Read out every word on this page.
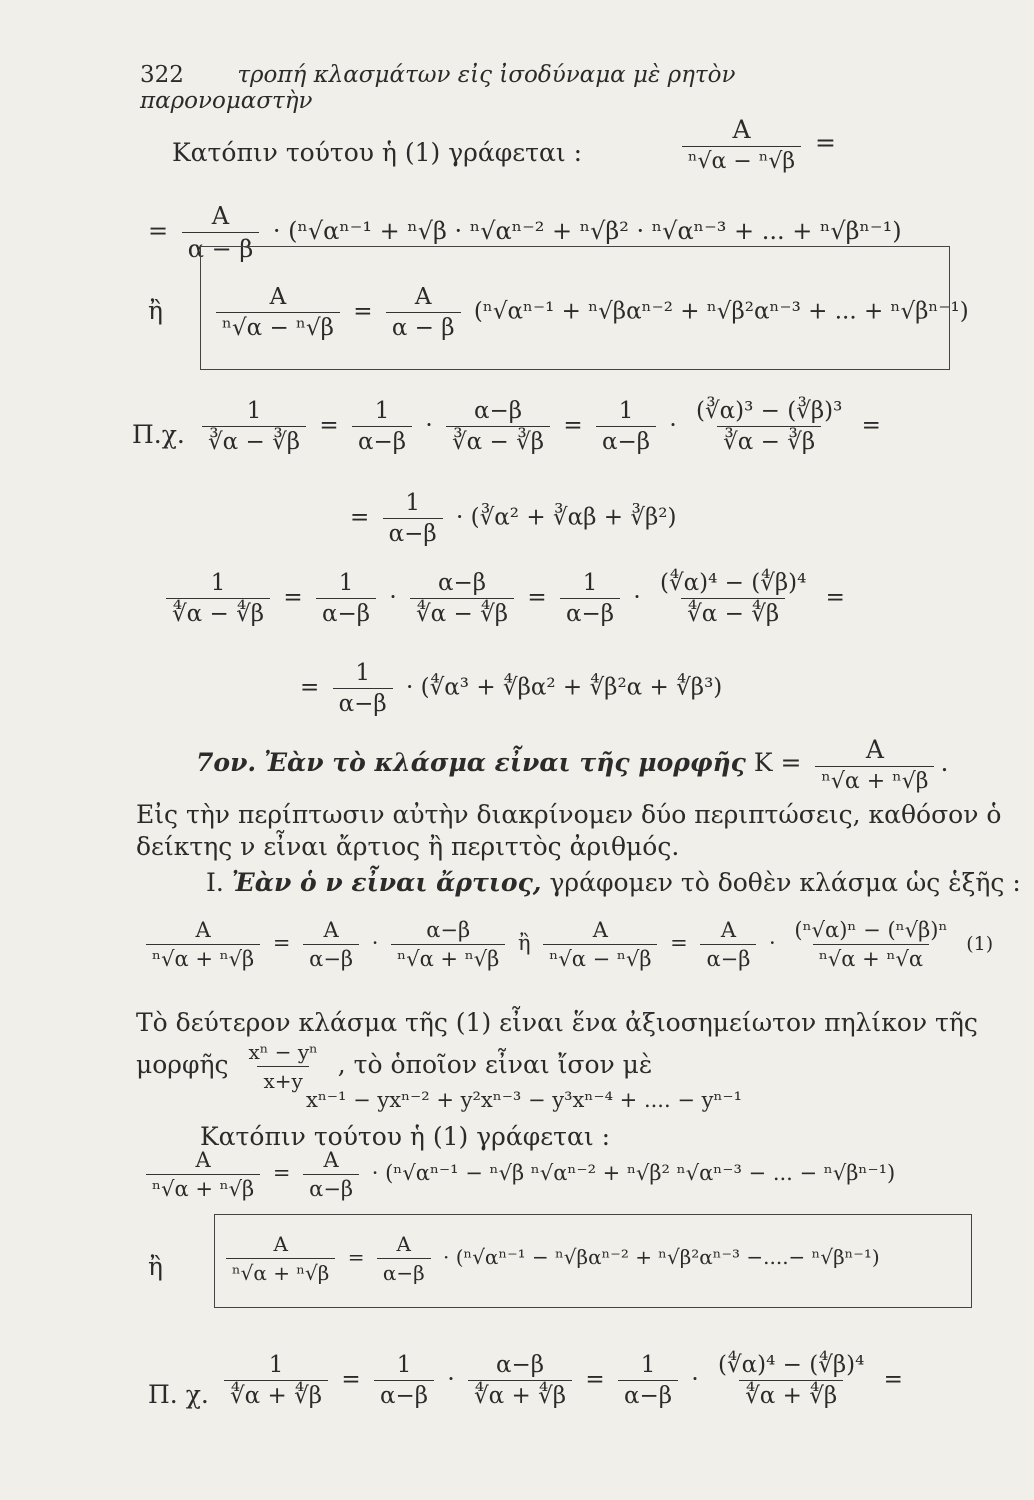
322 τροπή κλασμάτων εἰς ἰσοδύναμα μὲ ρητὸν παρονομαστὴν
Κατόπιν τούτου ἡ (1) γράφεται :	$\frac{A}{\text{ⁿ√α − ⁿ√β}}$ =
= $\frac{A}{\alpha - \beta} \cdot (^n√\alpha^{n-1} + ^n√\beta \cdot ^n√\alpha^{n-2} + ^n√\beta^2 \cdot ^n√\alpha^{n-3}$ + ... + ⁿ√βⁿ⁻¹)
ἢ $\frac{A}{\text{ⁿ√α − ⁿ√β}} = \frac{A}{\alpha - \beta} (^n√\alpha^{n-1} + ^n√\beta\alpha^{n-2} + ^n√\beta^2\alpha^{n-3}$ + ... + ⁿ√βⁿ⁻¹)
Π.χ. $\frac{1}{∛\alpha - ∛\beta} = \frac{1}{\alpha-\beta} \cdot \frac{\alpha-\beta}{∛\alpha - ∛\beta} = \frac{1}{\alpha-\beta} \cdot \frac{\text{(∛α)³ − (∛β)³}}{∛\alpha - ∛\beta}$ =
= $\frac{1}{\alpha-\beta}$ · (∛α² + ∛αβ + ∛β²)
$\frac{1}{∜\alpha - ∜\beta} = \frac{1}{\alpha-\beta} \cdot \frac{\alpha-\beta}{∜\alpha - ∜\beta} = \frac{1}{\alpha-\beta} \cdot \frac{\text{(∜α)⁴ − (∜β)⁴}}{∜\alpha - ∜\beta}$ =
= $\frac{1}{\alpha-\beta}$ · (∜α³ + ∜βα² + ∜β²α + ∜β³)
7ον. Ἐὰν τὸ κλάσμα εἶναι τῆς μορφῆς $K = \frac{A}{\text{ⁿ√α + ⁿ√β}}$ .
Εἰς τὴν περίπτωσιν αὐτὴν διακρίνομεν δύο περιπτώσεις, καθόσον ὁ
δείκτης ν εἶναι ἄρτιος ἢ περιττὸς ἀριθμός.
I. Ἐὰν ὁ ν εἶναι ἄρτιος, γράφομεν τὸ δοθὲν κλάσμα ὡς ἑξῆς :
$\frac{A}{\text{ⁿ√α + ⁿ√β}} = \frac{A}{\alpha-\beta} \cdot \frac{\alpha-\beta}{\text{ⁿ√α + ⁿ√β}}$ ἢ $\frac{A}{\text{ⁿ√α − ⁿ√β}} = \frac{A}{\alpha-\beta} \cdot \frac{\text{(ⁿ√α)ⁿ − (ⁿ√β)ⁿ}}{\text{ⁿ√α + ⁿ√α}} (1)$
Τὸ δεύτερον κλάσμα τῆς (1) εἶναι ἕνα ἀξιοσημείωτον πηλίκον τῆς
μορφῆς $\frac{\text{xⁿ − yⁿ}}{x+y}$ , τὸ ὁποῖον εἶναι ἴσον μὲ
xⁿ⁻¹ − yxⁿ⁻² + y²xⁿ⁻³ − y³xⁿ⁻⁴ + .... − yⁿ⁻¹
Κατόπιν τούτου ἡ (1) γράφεται :
$\frac{A}{\text{ⁿ√α + ⁿ√β}} = \frac{A}{\alpha-\beta} \cdot (^n√\alpha^{n-1} - ^n√\beta$ ⁿ√αⁿ⁻² + ⁿ√β² ⁿ√αⁿ⁻³ − ... − ⁿ√βⁿ⁻¹)
ἢ	$\frac{A}{\text{ⁿ√α + ⁿ√β}} = \frac{A}{\alpha-\beta} \cdot (^n√\alpha^{n-1} - ^n√\beta\alpha^{n-2} + ^n√\beta^2\alpha^{n-3}$ −....− ⁿ√βⁿ⁻¹)
Π. χ. $\frac{1}{∜\alpha + ∜\beta} = \frac{1}{\alpha-\beta} \cdot \frac{\alpha-\beta}{∜\alpha + ∜\beta} = \frac{1}{\alpha-\beta} \cdot \frac{\text{(∜α)⁴ − (∜β)⁴}}{∜\alpha + ∜\beta}$ =
